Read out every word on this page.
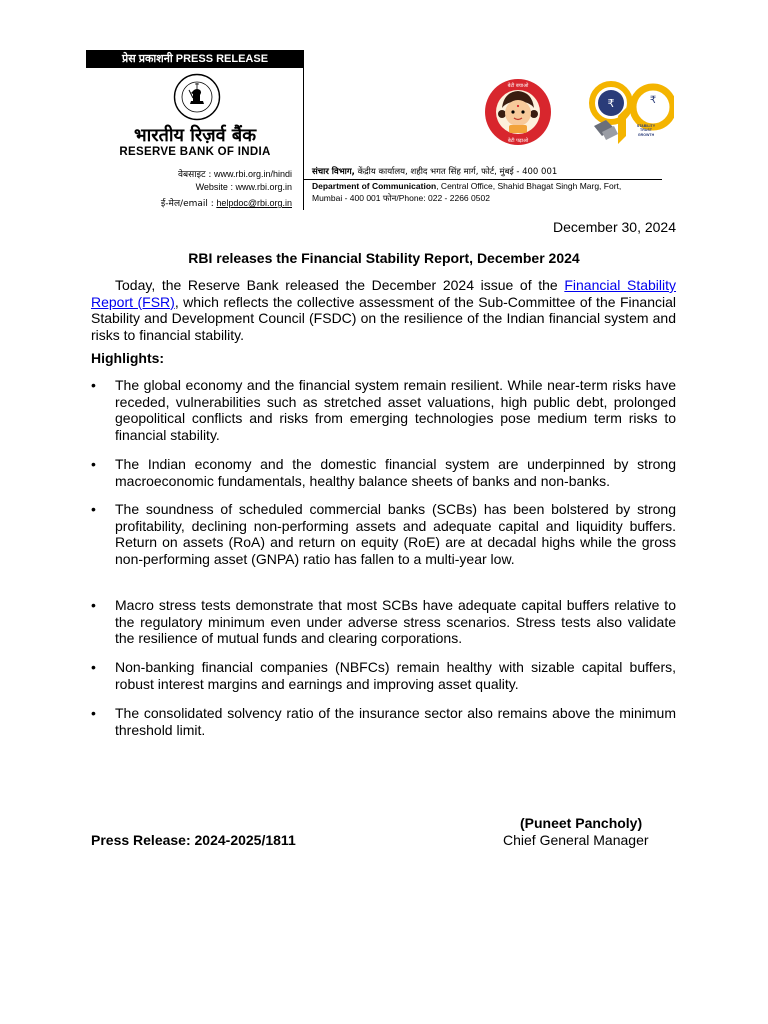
प्रेस प्रकाशनी PRESS RELEASE
भारतीय रिज़र्व बैंक
RESERVE BANK OF INDIA
वेबसाइट : www.rbi.org.in/hindi
Website : www.rbi.org.in
ई-मेल/email : helpdoc@rbi.org.in
संचार विभाग, केंद्रीय कार्यालय, शहीद भगत सिंह मार्ग, फोर्ट, मुंबई - 400 001
Department of Communication, Central Office, Shahid Bhagat Singh Marg, Fort,
Mumbai - 400 001 फोन/Phone: 022 - 2266 0502
बेटी बचाओ
बेटी पढ़ाओ
₹	₹
STABILITY TRUST GROWTH
December 30, 2024
RBI releases the Financial Stability Report, December 2024
Today, the Reserve Bank released the December 2024 issue of the Financial Stability Report (FSR), which reflects the collective assessment of the Sub-Committee of the Financial Stability and Development Council (FSDC) on the resilience of the Indian financial system and risks to financial stability.
Highlights:
• The global economy and the financial system remain resilient. While near-term risks have receded, vulnerabilities such as stretched asset valuations, high public debt, prolonged geopolitical conflicts and risks from emerging technologies pose medium term risks to financial stability.
• The Indian economy and the domestic financial system are underpinned by strong macroeconomic fundamentals, healthy balance sheets of banks and non-banks.
• The soundness of scheduled commercial banks (SCBs) has been bolstered by strong profitability, declining non-performing assets and adequate capital and liquidity buffers. Return on assets (RoA) and return on equity (RoE) are at decadal highs while the gross non-performing asset (GNPA) ratio has fallen to a multi-year low.
• Macro stress tests demonstrate that most SCBs have adequate capital buffers relative to the regulatory minimum even under adverse stress scenarios. Stress tests also validate the resilience of mutual funds and clearing corporations.
• Non-banking financial companies (NBFCs) remain healthy with sizable capital buffers, robust interest margins and earnings and improving asset quality.
• The consolidated solvency ratio of the insurance sector also remains above the minimum threshold limit.
(Puneet Pancholy)
Press Release: 2024-2025/1811	Chief General Manager
